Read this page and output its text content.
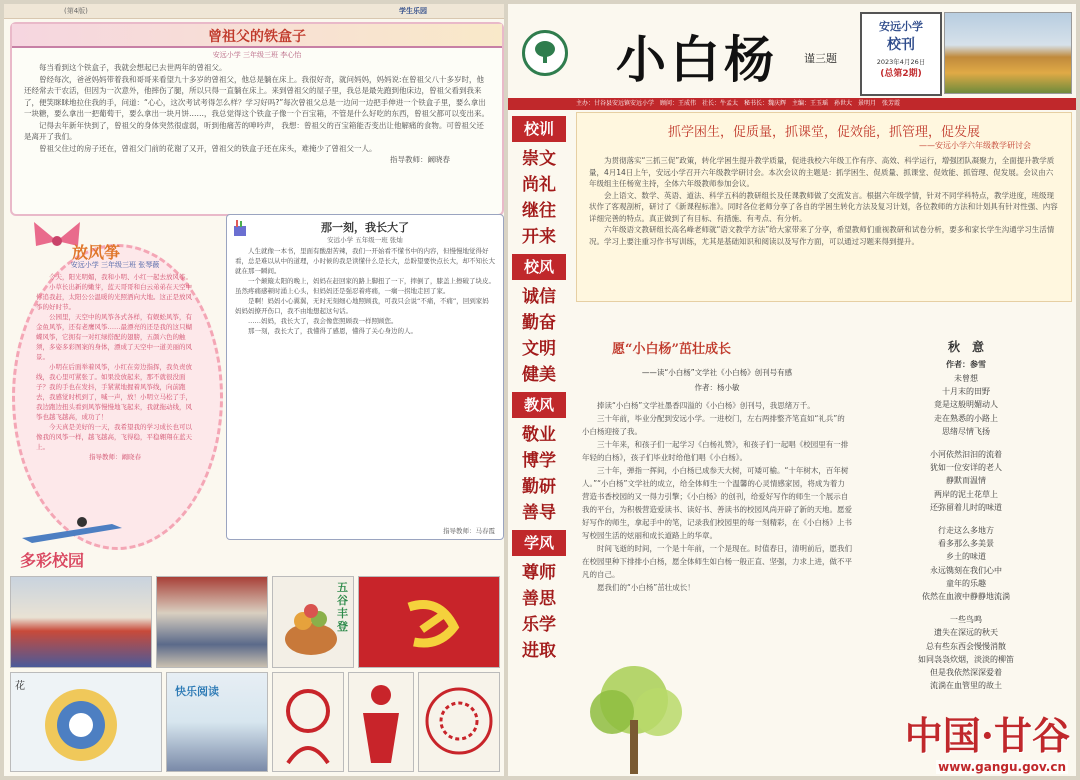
(第4版)	学生乐园
曾祖父的铁盒子
安远小学 三年级三班 李心怡

每当看到这个铁盒子，我就会想起已去世两年的曾祖父。

曾经每次，爸爸妈妈带着我和哥哥来看望九十多岁的曾祖父，他总是躺在床上。我很好奇，就问妈妈，妈妈说:在曾祖父八十多岁时，他还经常去干农活，但因为一次意外，他摔伤了腿，所以只得一直躺在床上。来到曾祖父的屋子里，我总是最先跑到他床边，曾祖父看到我来了，便笑眯眯地拉住我的手，问道：“心心，这次考试考得怎么样？学习好吗?”每次曾祖父总是一边问一边把手伸进一个铁盒子里，要么拿出一块糖，要么拿出一把葡萄干，要么拿出一块月饼……，我总觉得这个铁盒子像一个百宝箱，不管是什么好吃的东西，曾祖父都可以变出来。

记得去年新年快到了，曾祖父的身体突然很虚弱，听到他痛苦的呻吟声， 我想：曾祖父的百宝箱能否变出让他解痛的食物。可曾祖父还是离开了我们。

曾祖父住过的房子还在，曾祖父门前的花谢了又开，曾祖父的铁盒子还在床头，难掩少了曾祖父一人。

指导教师：阚晓春

放风筝
安远小学 三年级三班 张琴薇

今天，阳光明媚，我和小明、小红一起去放风筝。

小草长出新的嫩芽，蓝天哥哥和白云弟弟在天空中你追我赶，太阳公公温暖的光照洒向大地。这正是放风筝的好时节。

公园里，天空中的风筝各式各样，有蜈蚣风筝，有金鱼风筝，还有老鹰风筝……最漂亮的还是我的这只蝴蝶风筝，它拥有一对红绿搭配的翅膀，五颜六色的触须，多姿多彩图案的身体，漂成了天空中一道美丽的风景。

小明在后面举着风筝，小红在旁边指挥，我负责放线，我心里可紧张了。如果没放起来，那不就很没面子？我的手也在发抖，手紧紧地握着风筝线，向前跑去，我感觉时机到了，喊一声，放！小明立马松了手，我边跑边扭头看到风筝慢慢地飞起来，我就拖动线，风筝也越飞越高，成功了！

今天真是美好的一天，我希望我的学习成长也可以像我的风筝一样，越飞越高，飞得稳，平稳翱翔在蓝天上。

指导教师：阚晓春

那一刻，我长大了
安远小学 五年级一班 张灿

人生就像一本书，里面有酸甜苦辣，我们一开始看不懂书中的内容，但慢慢地觉得好看，总是难以从中的道理，小时候的我是读懂什么是长大，总盼望要快点长大，却不知长大就在那一瞬间。

一个颠簸太阳的晚上，妈妈在赶回家的路上脚扭了一下，摔倒了，膝盖上擦破了块皮。虽然疼痛感顿时涌上心头，但妈妈还是强忍着疼痛，一瘸一拐地走回了家。

是啊！妈妈小心翼翼，无时无刻细心地照顾我，可我只会说“不痛，不痛”，回到家妈妈妈妈撩开伤口，我不由地想起这句话。

……妈妈，我长大了，我会像您照顾我一样照顾您。

那一刻，我长大了，我懂得了感恩，懂得了关心身边的人。

指导教师：马春霞
多彩校园
五谷丰登
花	快乐阅读
小白杨 谨三题
安远小学
校刊
2023年4月26日
(总第2期)
主办：甘谷县安远镇安远小学　顾问：王成伟　社长：牛孟太　秘书长：魏庆辉　主编：王玉瑶　孙世大　景明月　张芳霞
校训
崇文
尚礼
继往
开来
校风
诚信
勤奋
文明
健美
教风
敬业
博学
勤研
善导
学风
尊师
善思
乐学
进取
抓学困生，促质量，抓课堂，促效能，抓管理，促发展
——安远小学六年级教学研讨会

为贯彻落实“三抓三促”政策，转化学困生提升教学质量，促进我校六年级工作有序、高效、科学运行，增强团队凝聚力，全面提升教学质量，4月14日上午，安远小学召开六年级教学研讨会。本次会议的主题是：抓学困生、促质量、抓课堂、促效能、抓管理、促发展。会议由六年级组主任杨宽主持，全体六年级教师参加会议。

会上语文、数学、英语、道法、科学五科的教研组长及任课教师做了交流发言。根据六年级学情，针对不同学科特点，教学进度，班级现状作了客观剖析，研讨了《新课程标准》。同时各位老师分享了各自的学困生转化方法及复习计划，各位教师的方法和计划具有针对性强、内容详细完善的特点。真正做到了有目标、有措施、有考点、有分析。

六年级语文教研组长高名峰老师就“语文教学方法”给大家带来了分享，希望教师们重视教研和试卷分析，要多和家长学生沟通学习生活情况。学习上要注重习作书写训练，尤其是基础知识和阅读以及写作方面，可以通过习题来得到提升。

愿“小白杨”茁壮成长
——读“小白杨”文学社《小白杨》创刊号有感
作者：杨小敏

捧读“小白杨”文学社墨香四溢的《小白杨》创刊号，我思绪万千。

三十年前，毕业分配到安远小学。一进校门，左右两排整齐笔直如“礼兵”的小白杨迎接了我。

三十年来，和孩子们一起学习《白杨礼赞》，和孩子们一起唱《校园里有一排年轻的白杨》，孩子们毕业时给他们唱《小白杨》。

三十年，弹指一挥间，小白杨已成参天大树，可矮可榆。“十年树木，百年树人。”“小白杨”文学社的成立，给全体师生一个温馨的心灵情感家园，将成为着力营造书香校园的又一得力引擎；《小白杨》的创刊，给爱好写作的师生一个展示自我的平台，为积极营造爱读书、读好书、善读书的校园风尚开辟了新的天地。愿爱好写作的师生，拿起手中的笔，记录我们校园里的每一刻精彩，在《小白杨》上书写校园生活的炫丽和成长道路上的华章。

时间飞逝的时间，一个是十年前，一个是现在。时值春日，清明前后，愿我们在校园里种下排排小白杨，愿全体师生如白杨一般正直、坚强，力求上进，做不平凡的自己。

愿我们的“小白杨”茁壮成长！

秋　意
作者：参雪
未曾想
十月末的田野
竟是这般明媚动人
走在熟悉的小路上
思绪尽情飞扬
小河依然汩汩的流着
犹如一位安详的老人
静默而温情
两岸的泥土花草上
还弥留着儿时的味道
行走这么多地方
看多那么多美景
乡土的味道
永远镌刻在我们心中
童年的乐趣
依然在血液中静静地流淌
一些鸟鸣
遗失在深远的秋天
总有些东西会慢慢消散
如同袅袅炊烟，淡淡的柳笛
但是我依然深深爱着
流淌在血管里的故土
中国·甘谷
www.gangu.gov.cn
